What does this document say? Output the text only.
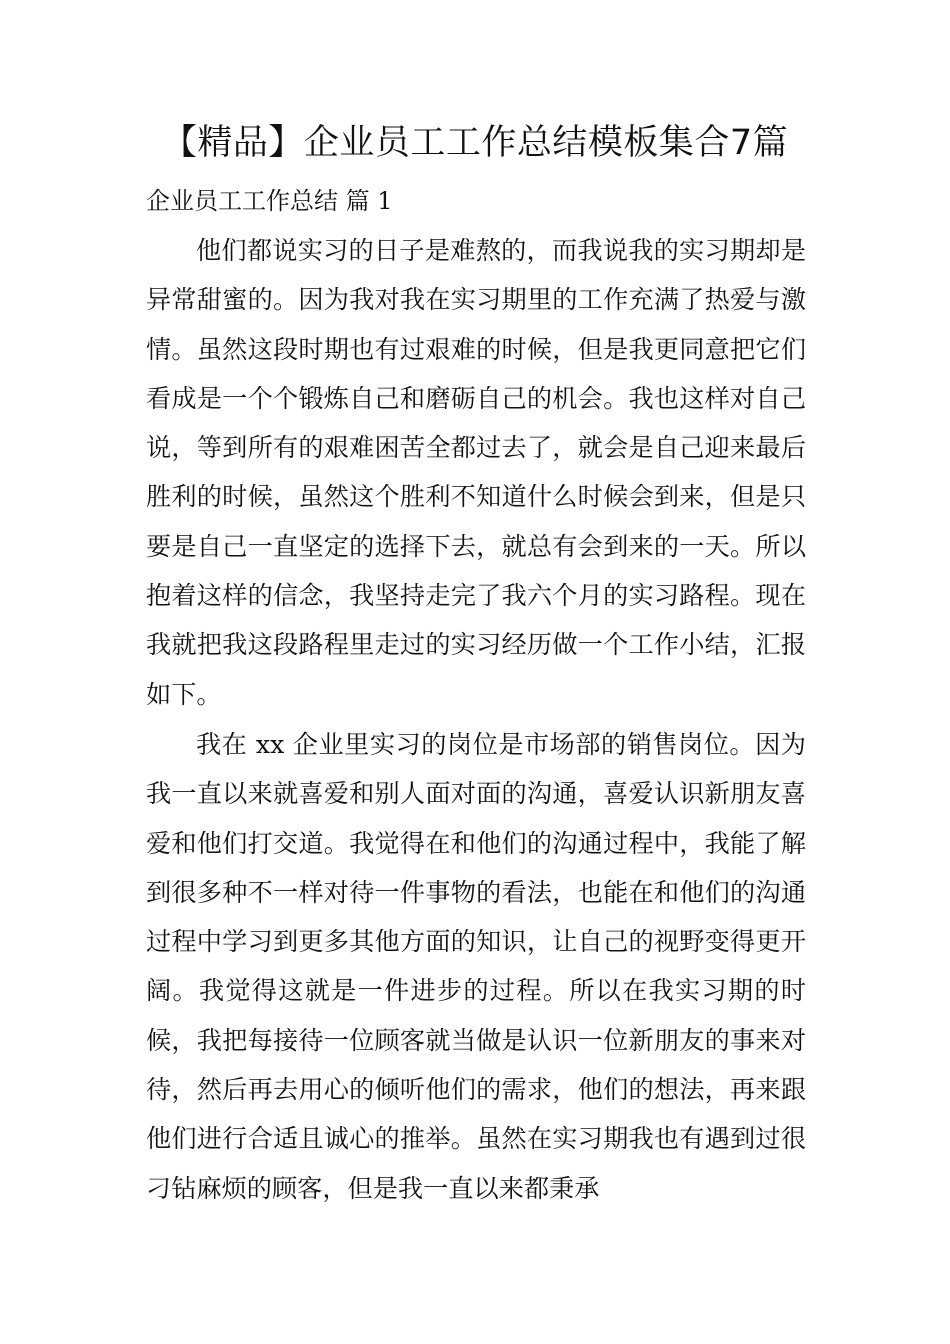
【精品】企业员工工作总结模板集合7篇
企业员工工作总结 篇 1

他们都说实习的日子是难熬的，而我说我的实习期却是异常甜蜜的。因为我对我在实习期里的工作充满了热爱与激情。虽然这段时期也有过艰难的时候，但是我更同意把它们看成是一个个锻炼自己和磨砺自己的机会。我也这样对自己说，等到所有的艰难困苦全都过去了，就会是自己迎来最后胜利的时候，虽然这个胜利不知道什么时候会到来，但是只要是自己一直坚定的选择下去，就总有会到来的一天。所以抱着这样的信念，我坚持走完了我六个月的实习路程。现在我就把我这段路程里走过的实习经历做一个工作小结，汇报如下。

我在 xx 企业里实习的岗位是市场部的销售岗位。因为我一直以来就喜爱和别人面对面的沟通，喜爱认识新朋友喜爱和他们打交道。我觉得在和他们的沟通过程中，我能了解到很多种不一样对待一件事物的看法，也能在和他们的沟通过程中学习到更多其他方面的知识，让自己的视野变得更开阔。我觉得这就是一件进步的过程。所以在我实习期的时候，我把每接待一位顾客就当做是认识一位新朋友的事来对待，然后再去用心的倾听他们的需求，他们的想法，再来跟他们进行合适且诚心的推举。虽然在实习期我也有遇到过很刁钻麻烦的顾客，但是我一直以来都秉承
